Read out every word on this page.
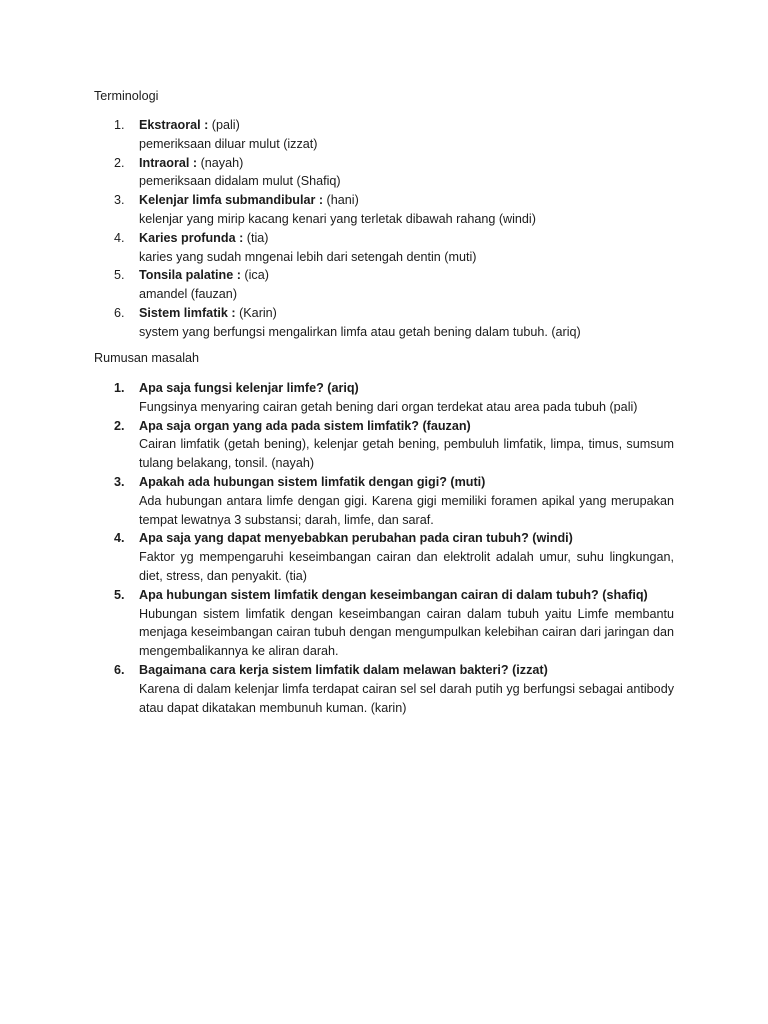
Terminologi
1. Ekstraoral : (pali)
pemeriksaan diluar mulut (izzat)
2. Intraoral : (nayah)
pemeriksaan didalam mulut (Shafiq)
3. Kelenjar limfa submandibular : (hani)
kelenjar yang mirip kacang kenari yang terletak dibawah rahang (windi)
4. Karies profunda : (tia)
karies yang sudah mngenai lebih dari setengah dentin (muti)
5. Tonsila palatine : (ica)
amandel (fauzan)
6. Sistem limfatik : (Karin)
system yang berfungsi mengalirkan limfa atau getah bening dalam tubuh. (ariq)
Rumusan masalah
1. Apa saja fungsi kelenjar limfe? (ariq)
Fungsinya menyaring cairan getah bening dari organ terdekat atau area pada tubuh (pali)
2. Apa saja organ yang ada pada sistem limfatik? (fauzan)
Cairan limfatik (getah bening), kelenjar getah bening, pembuluh limfatik, limpa, timus, sumsum tulang belakang, tonsil. (nayah)
3. Apakah ada hubungan sistem limfatik dengan gigi? (muti)
Ada hubungan antara limfe dengan gigi. Karena gigi memiliki foramen apikal yang merupakan tempat lewatnya 3 substansi; darah, limfe, dan saraf.
4. Apa saja yang dapat menyebabkan perubahan pada ciran tubuh? (windi)
Faktor yg mempengaruhi keseimbangan cairan dan elektrolit adalah umur, suhu lingkungan, diet, stress, dan penyakit. (tia)
5. Apa hubungan sistem limfatik dengan keseimbangan cairan di dalam tubuh? (shafiq)
Hubungan sistem limfatik dengan keseimbangan cairan dalam tubuh yaitu Limfe membantu menjaga keseimbangan cairan tubuh dengan mengumpulkan kelebihan cairan dari jaringan dan mengembalikannya ke aliran darah.
6. Bagaimana cara kerja sistem limfatik dalam melawan bakteri? (izzat)
Karena di dalam kelenjar limfa terdapat cairan sel sel darah putih yg berfungsi sebagai antibody atau dapat dikatakan membunuh kuman. (karin)
